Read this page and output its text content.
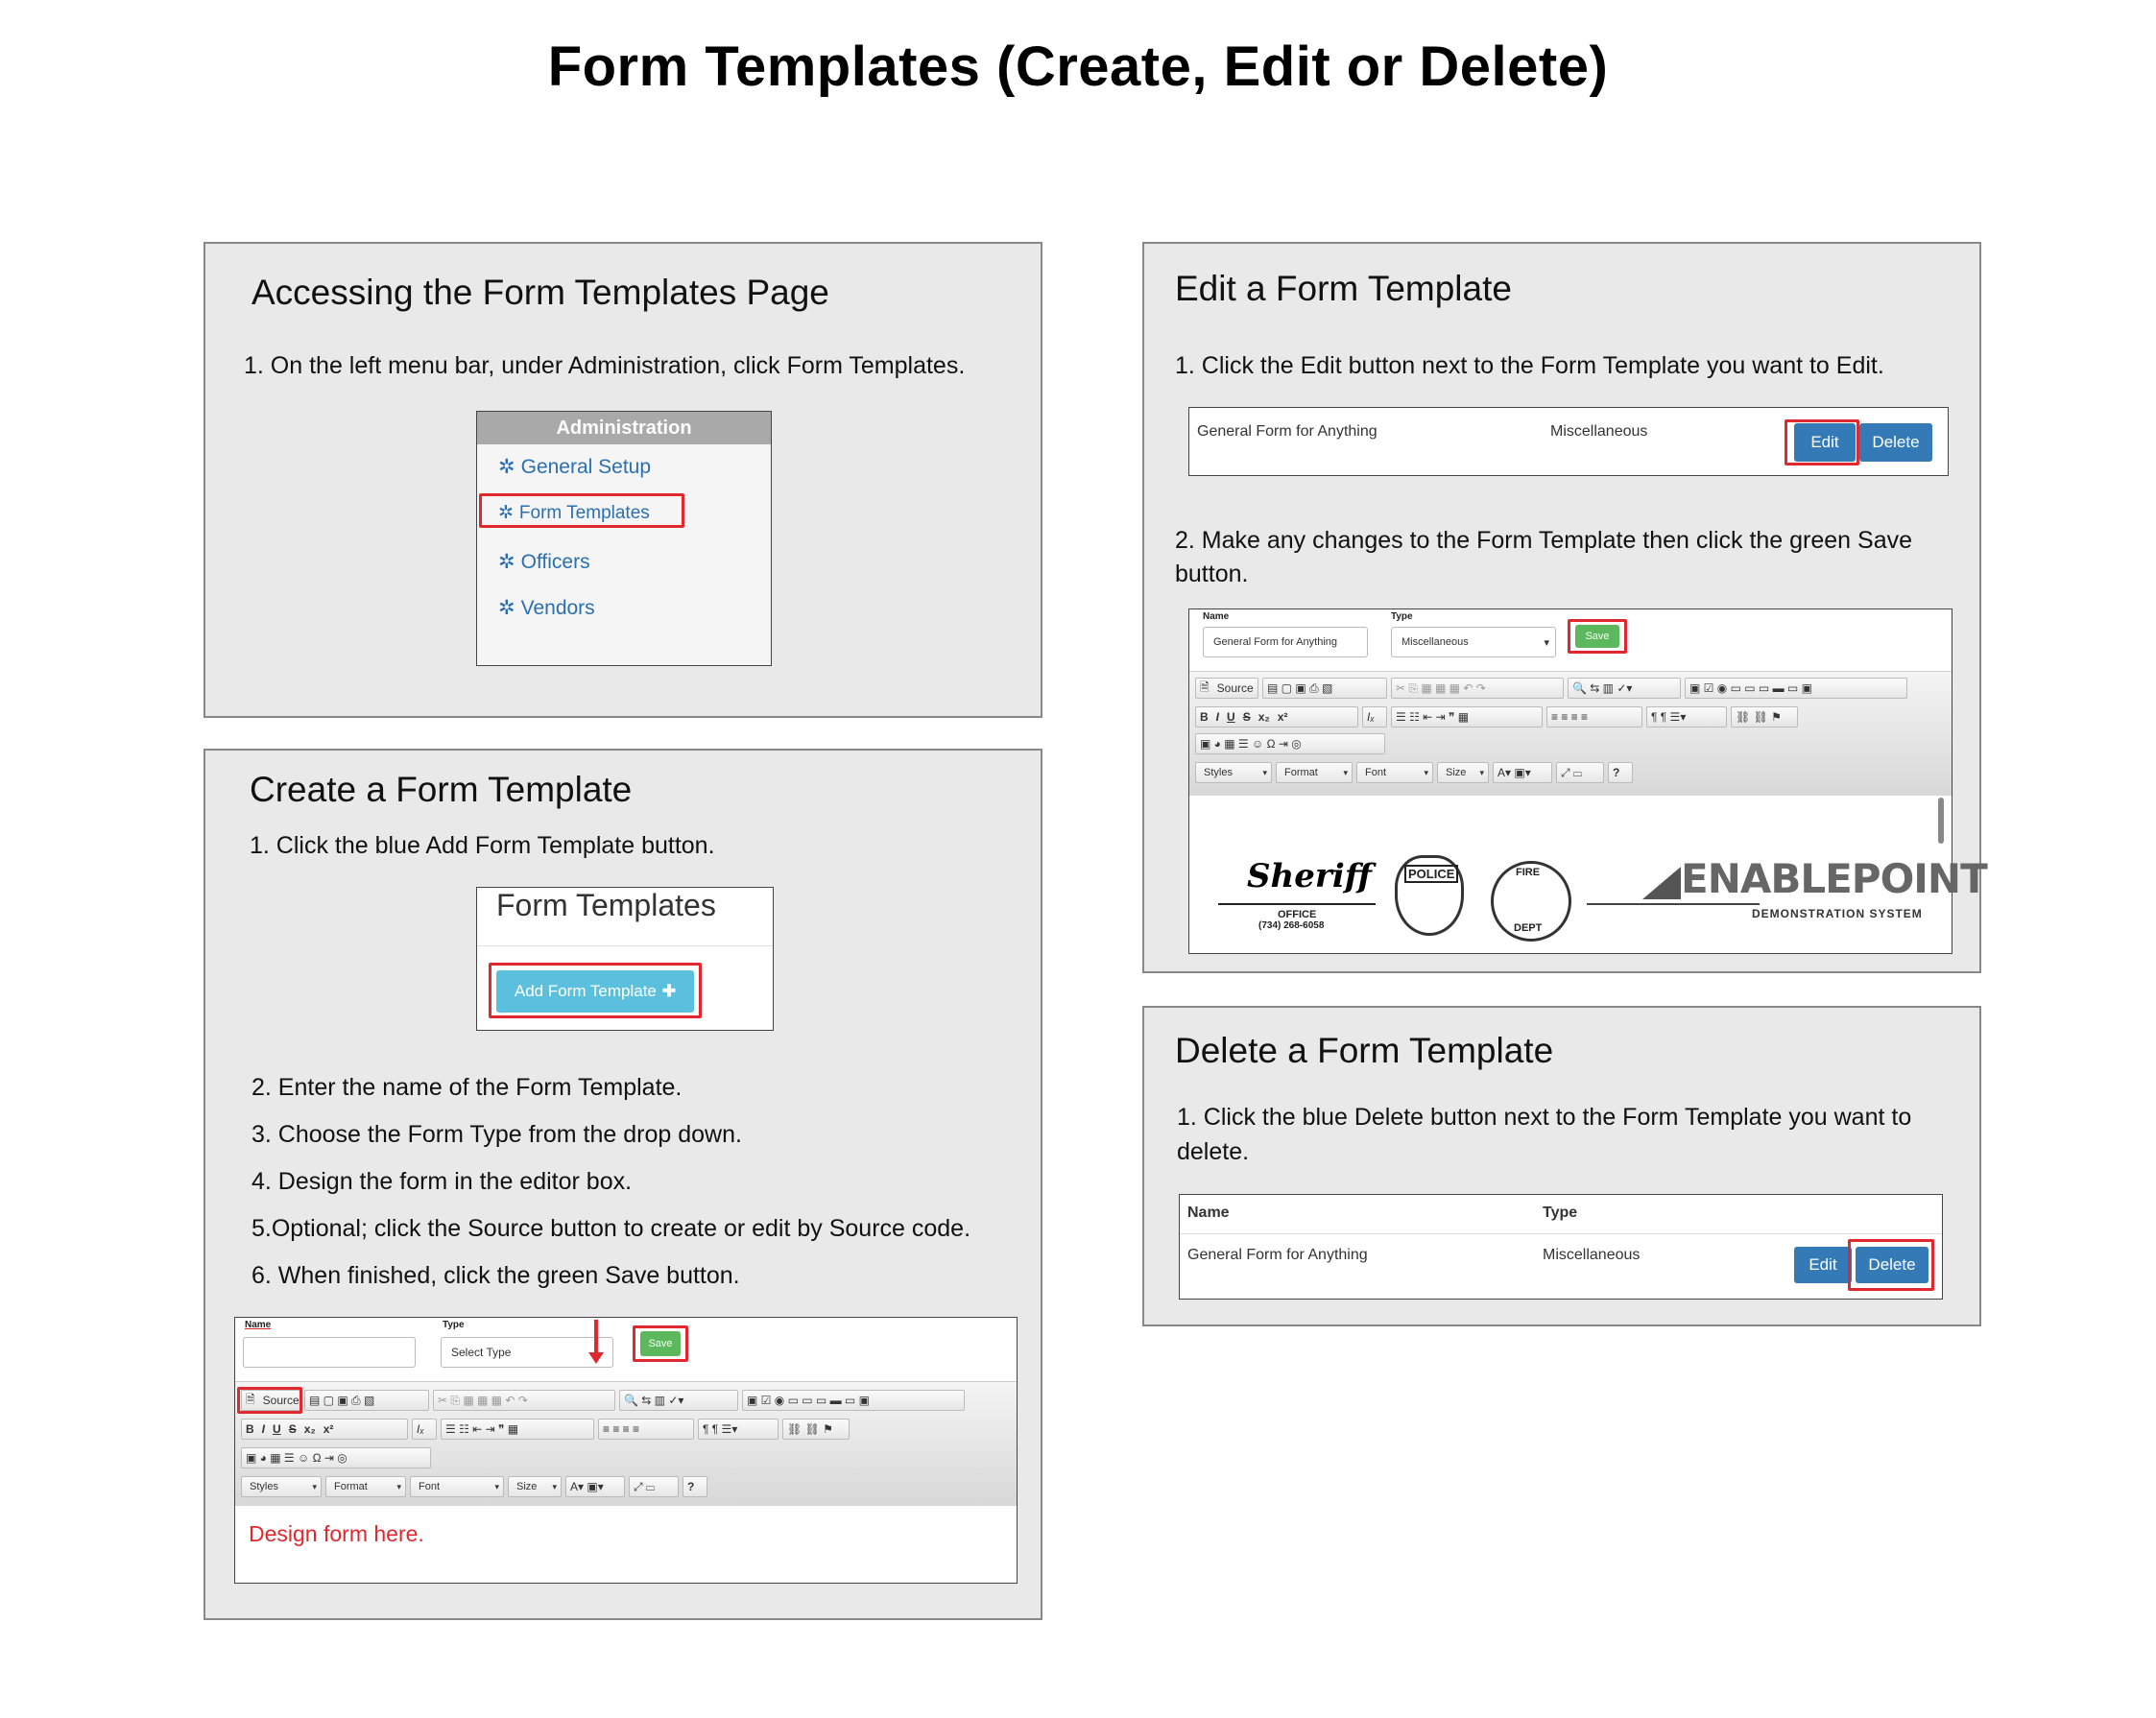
Form Templates (Create, Edit or Delete)
Accessing the Form Templates Page
1. On the left menu bar, under Administration, click Form Templates.
Administration
✲ General Setup
✲ Form Templates
✲ Officers
✲ Vendors
Create a Form Template
1. Click the blue Add Form Template button.
Form Templates
Add Form Template ✚
2. Enter the name of the Form Template.
3. Choose the Form Type from the drop down.
4. Design the form in the editor box.
5.Optional; click the Source button to create or edit by Source code.
6. When finished, click the green Save button.
Name	Type
Select Type
Save
🗎 Source ▤ ▢ ▣ ⎙ ▧	✂ ⎘ ▦ ▦ ▦ ↶ ↷	🔍 ⇆ ▥ ✓▾	▣ ☑ ◉ ▭ ▭ ▭ ▬ ▭ ▣
B I U S x₂ x²	Iₓ	☰ ☷ ⇤ ⇥ ❞ ▦	≡ ≡ ≡ ≡	¶ ¶ ☰▾	⛓ ⛓ ⚑
▣ ◕ ▦ ☰ ☺ Ω ⇥ ◎
Styles ▾	Format ▾	Font ▾	Size ▾	A▾ ▣▾	⤢ ▭	?
Design form here.
Edit a Form Template
1. Click the Edit button next to the Form Template you want to Edit.
General Form for Anything	Miscellaneous
Edit Delete
2. Make any changes to the Form Template then click the green Save button.
Name
General Form for Anything
Type
Miscellaneous	▾
Save
🗎 Source	▤ ▢ ▣ ⎙ ▧	✂ ⎘ ▦ ▦ ▦ ↶ ↷	🔍 ⇆ ▥ ✓▾	▣ ☑ ◉ ▭ ▭ ▭ ▬ ▭ ▣
B I U S x₂ x²	Iₓ	☰ ☷ ⇤ ⇥ ❞ ▦	≡ ≡ ≡ ≡	¶ ¶ ☰▾	⛓ ⛓ ⚑
▣ ◕ ▦ ☰ ☺ Ω ⇥ ◎
Styles ▾	Format ▾	Font ▾	Size ▾	A▾ ▣▾	⤢ ▭	?
Sheriff
OFFICE
(734) 268-6058
POLICE	FIRE
DEPT
ENABLEPOINT
DEMONSTRATION SYSTEM
Delete a Form Template
1. Click the blue Delete button next to the Form Template you want to delete.
Name	Type
General Form for Anything	Miscellaneous
Edit Delete
